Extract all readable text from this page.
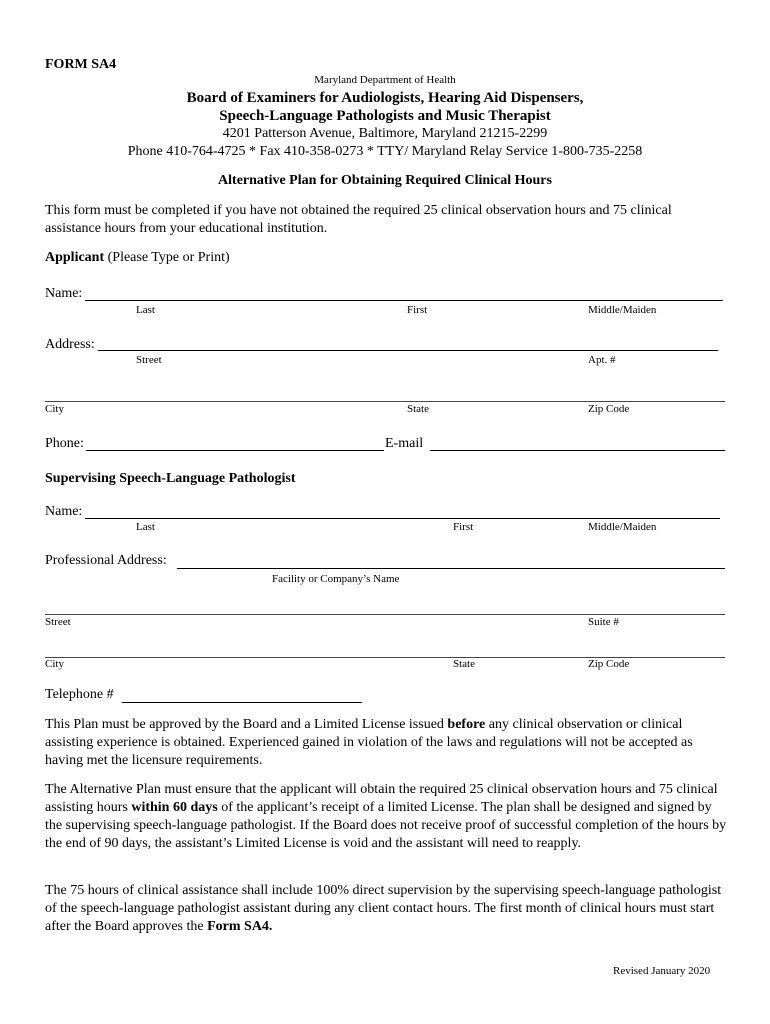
FORM SA4
Maryland Department of Health
Board of Examiners for Audiologists, Hearing Aid Dispensers,
Speech-Language Pathologists and Music Therapist
4201 Patterson Avenue, Baltimore, Maryland 21215-2299
Phone 410-764-4725 * Fax 410-358-0273 * TTY/ Maryland Relay Service 1-800-735-2258
Alternative Plan for Obtaining Required Clinical Hours
This form must be completed if you have not obtained the required 25 clinical observation hours and 75 clinical assistance hours from your educational institution.
Applicant (Please Type or Print)
Name:
Last	First	Middle/Maiden
Address:
Street	Apt. #
City	State	Zip Code
Phone:	E-mail
Supervising Speech-Language Pathologist
Name:
Last	First	Middle/Maiden
Professional Address:
Facility or Company’s Name
Street	Suite #
City	State	Zip Code
Telephone #
This Plan must be approved by the Board and a Limited License issued before any clinical observation or clinical assisting experience is obtained. Experienced gained in violation of the laws and regulations will not be accepted as having met the licensure requirements.
The Alternative Plan must ensure that the applicant will obtain the required 25 clinical observation hours and 75 clinical assisting hours within 60 days of the applicant’s receipt of a limited License. The plan shall be designed and signed by the supervising speech-language pathologist. If the Board does not receive proof of successful completion of the hours by the end of 90 days, the assistant’s Limited License is void and the assistant will need to reapply.
The 75 hours of clinical assistance shall include 100% direct supervision by the supervising speech-language pathologist of the speech-language pathologist assistant during any client contact hours. The first month of clinical hours must start after the Board approves the Form SA4.
Revised January 2020
